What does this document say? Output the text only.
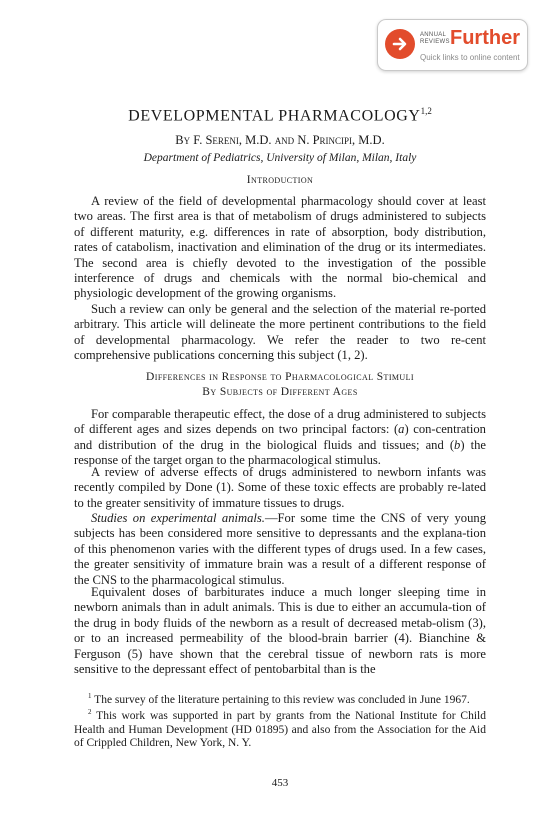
ANNUAL
REVIEWS Further
Quick links to online content
DEVELOPMENTAL PHARMACOLOGY$^{1,2}$
By F. Sereni, M.D. and N. Principi, M.D.
Department of Pediatrics, University of Milan, Milan, Italy
Introduction

A review of the field of developmental pharmacology should cover at least two areas. The first area is that of metabolism of drugs administered to subjects of different maturity, e.g. differences in rate of absorption, body distribution, rates of catabolism, inactivation and elimination of the drug or its intermediates. The second area is chiefly devoted to the investigation of the possible interference of drugs and chemicals with the normal bio-chemical and physiologic development of the growing organisms.

Such a review can only be general and the selection of the material re-ported arbitrary. This article will delineate the more pertinent contributions to the field of developmental pharmacology. We refer the reader to two re-cent comprehensive publications concerning this subject (1, 2).

Differences in Response to Pharmacological Stimuli
By Subjects of Different Ages

For comparable therapeutic effect, the dose of a drug administered to subjects of different ages and sizes depends on two principal factors: (a) con-centration and distribution of the drug in the biological fluids and tissues; and (b) the response of the target organ to the pharmacological stimulus.

A review of adverse effects of drugs administered to newborn infants was recently compiled by Done (1). Some of these toxic effects are probably re-lated to the greater sensitivity of immature tissues to drugs.

Studies on experimental animals.—For some time the CNS of very young subjects has been considered more sensitive to depressants and the explana-tion of this phenomenon varies with the different types of drugs used. In a few cases, the greater sensitivity of immature brain was a result of a different response of the CNS to the pharmacological stimulus.

Equivalent doses of barbiturates induce a much longer sleeping time in newborn animals than in adult animals. This is due to either an accumula-tion of the drug in body fluids of the newborn as a result of decreased metab-olism (3), or to an increased permeability of the blood-brain barrier (4). Bianchine & Ferguson (5) have shown that the cerebral tissue of newborn rats is more sensitive to the depressant effect of pentobarbital than is the

$^1$ The survey of the literature pertaining to this review was concluded in June 1967.

$^2$ This work was supported in part by grants from the National Institute for Child Health and Human Development (HD 01895) and also from the Association for the Aid of Crippled Children, New York, N. Y.

453
